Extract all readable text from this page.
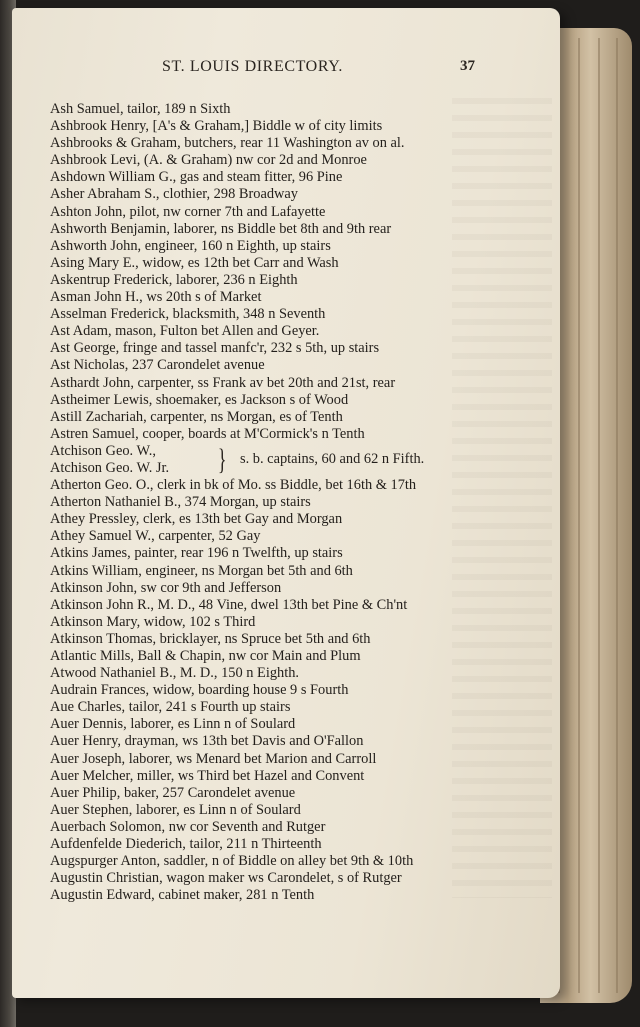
ST. LOUIS DIRECTORY.	37
Ash Samuel, tailor, 189 n Sixth
Ashbrook Henry, [A's & Graham,] Biddle w of city limits
Ashbrooks & Graham, butchers, rear 11 Washington av on al.
Ashbrook Levi, (A. & Graham) nw cor 2d and Monroe
Ashdown William G., gas and steam fitter, 96 Pine
Asher Abraham S., clothier, 298 Broadway
Ashton John, pilot, nw corner 7th and Lafayette
Ashworth Benjamin, laborer, ns Biddle bet 8th and 9th rear
Ashworth John, engineer, 160 n Eighth, up stairs
Asing Mary E., widow, es 12th bet Carr and Wash
Askentrup Frederick, laborer, 236 n Eighth
Asman John H., ws 20th s of Market
Asselman Frederick, blacksmith, 348 n Seventh
Ast Adam, mason, Fulton bet Allen and Geyer.
Ast George, fringe and tassel manfc'r, 232 s 5th, up stairs
Ast Nicholas, 237 Carondelet avenue
Asthardt John, carpenter, ss Frank av bet 20th and 21st, rear
Astheimer Lewis, shoemaker, es Jackson s of Wood
Astill Zachariah, carpenter, ns Morgan, es of Tenth
Astren Samuel, cooper, boards at M'Cormick's n Tenth
Atchison Geo. W.,
Atchison Geo. W. Jr. } s. b. captains, 60 and 62 n Fifth.
Atherton Geo. O., clerk in bk of Mo. ss Biddle, bet 16th & 17th
Atherton Nathaniel B., 374 Morgan, up stairs
Athey Pressley, clerk, es 13th bet Gay and Morgan
Athey Samuel W., carpenter, 52 Gay
Atkins James, painter, rear 196 n Twelfth, up stairs
Atkins William, engineer, ns Morgan bet 5th and 6th
Atkinson John, sw cor 9th and Jefferson
Atkinson John R., M. D., 48 Vine, dwel 13th bet Pine & Ch'nt
Atkinson Mary, widow, 102 s Third
Atkinson Thomas, bricklayer, ns Spruce bet 5th and 6th
Atlantic Mills, Ball & Chapin, nw cor Main and Plum
Atwood Nathaniel B., M. D., 150 n Eighth.
Audrain Frances, widow, boarding house 9 s Fourth
Aue Charles, tailor, 241 s Fourth up stairs
Auer Dennis, laborer, es Linn n of Soulard
Auer Henry, drayman, ws 13th bet Davis and O'Fallon
Auer Joseph, laborer, ws Menard bet Marion and Carroll
Auer Melcher, miller, ws Third bet Hazel and Convent
Auer Philip, baker, 257 Carondelet avenue
Auer Stephen, laborer, es Linn n of Soulard
Auerbach Solomon, nw cor Seventh and Rutger
Aufdenfelde Diederich, tailor, 211 n Thirteenth
Augspurger Anton, saddler, n of Biddle on alley bet 9th & 10th
Augustin Christian, wagon maker ws Carondelet, s of Rutger
Augustin Edward, cabinet maker, 281 n Tenth
